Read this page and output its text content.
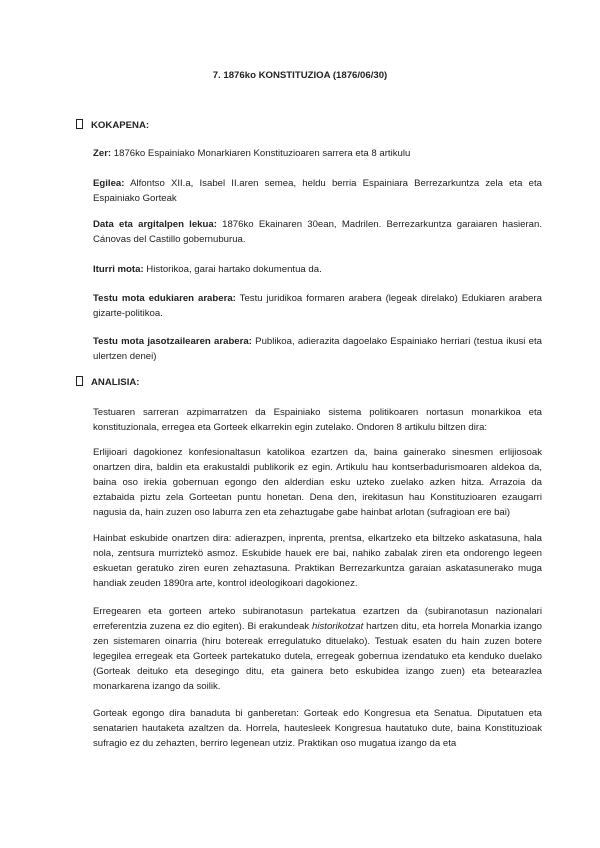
7. 1876ko KONSTITUZIOA (1876/06/30)
KOKAPENA:
Zer: 1876ko Espainiako Monarkiaren Konstituzioaren sarrera eta 8 artikulu
Egilea: Alfontso XII.a, Isabel II.aren semea, heldu berria Espainiara Berrezarkuntza zela eta eta Espainiako Gorteak
Data eta argitalpen lekua: 1876ko Ekainaren 30ean, Madrilen. Berrezarkuntza garaiaren hasieran. Cánovas del Castillo gobernuburua.
Iturri mota: Historikoa, garai hartako dokumentua da.
Testu mota edukiaren arabera: Testu juridikoa formaren arabera (legeak direlako) Edukiaren arabera gizarte-politikoa.
Testu mota jasotzailearen arabera: Publikoa, adierazita dagoelako Espainiako herriari (testua ikusi eta ulertzen denei)
ANALISIA:
Testuaren sarreran azpimarratzen da Espainiako sistema politikoaren nortasun monarkikoa eta konstituzionala, erregea eta Gorteek elkarrekin egin zutelako. Ondoren 8 artikulu biltzen dira:
Erlijioari dagokionez konfesionaltasun katolikoa ezartzen da, baina gainerako sinesmen erlijiosoak onartzen dira, baldin eta erakustaldi publikorik ez egin. Artikulu hau kontserbadurismoaren aldekoa da, baina oso irekia gobernuan egongo den alderdian esku uzteko zuelako azken hitza. Arrazoia da eztabaida piztu zela Gorteetan puntu honetan. Dena den, irekitasun hau Konstituzioaren ezaugarri nagusia da, hain zuzen oso laburra zen eta zehaztugabe gabe hainbat arlotan (sufragioan ere bai)
Hainbat eskubide onartzen dira: adierazpen, inprenta, prentsa, elkartzeko eta biltzeko askatasuna, hala nola, zentsura murriztekö asmoz. Eskubide hauek ere bai, nahiko zabalak ziren eta ondorengo legeen eskuetan geratuko ziren euren zehaztasuna. Praktikan Berrezarkuntza garaian askatasunerako muga handiak zeuden 1890ra arte, kontrol ideologikoari dagokionez.
Erregearen eta gorteen arteko subiranotasun partekatua ezartzen da (subiranotasun nazionalari erreferentzia zuzena ez dio egiten). Bi erakundeak historikotzat hartzen ditu, eta horrela Monarkia izango zen sistemaren oinarria (hiru botereak erregulatuko dituelako). Testuak esaten du hain zuzen botere legegilea erregeak eta Gorteek partekatuko dutela, erregeak gobernua izendatuko eta kenduko duelako (Gorteak deituko eta desegingo ditu, eta gainera beto eskubidea izango zuen) eta betearazlea monarkarena izango da soilik.
Gorteak egongo dira banaduta bi ganberetan: Gorteak edo Kongresua eta Senatua. Diputatuen eta senatarien hautaketa azaltzen da. Horrela, hautesleek Kongresua hautatuko dute, baina Konstituzioak sufragio ez du zehazten, berriro legenean utziz. Praktikan oso mugatua izango da eta
